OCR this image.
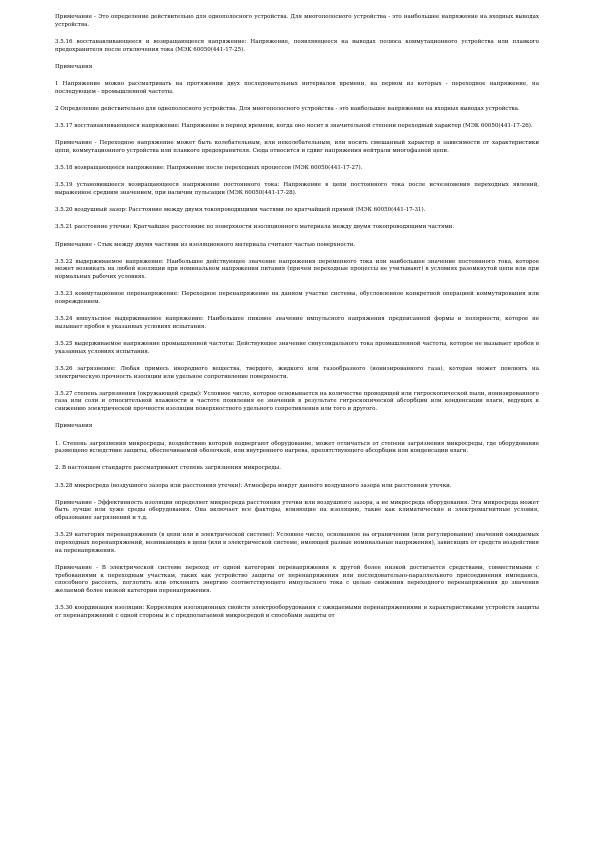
Примечание - Это определение действительно для однополосного устройства. Для многополосного устройства - это наибольшее напряжение на входных выводах устройства.

3.5.16 восстанавливающееся и возвращающееся напряжение: Напряжение, появляющееся на выводах полюса коммутационного устройства или плавкого предохранителя после отключения тока (МЭК 60050(441-17-25).

Примечания

1 Напряжение можно рассматривать на протяжении двух последовательных интервалов времени, на первом из которых - переходное напряжение, на последующем - промышленной частоты.

2 Определение действительно для однополосного устройства. Для многополосного устройства - это наибольшее напряжение на входных выводах устройства.

3.5.17 восстанавливающееся напряжение: Напряжение в период времени, когда оно носит в значительной степени переходный характер (МЭК 60050(441-17-26).

Примечание - Переходное напряжение может быть колебательным, или неколебательным, или носить смешанный характер в зависимости от характеристики цепи, коммутационного устройства или плавкого предохранителя. Сюда относится и сдвиг напряжения нейтрали многофазной цепи.

3.5.18 возвращающееся напряжение: Напряжение после переходных процессов (МЭК 60050(441-17-27).

3.5.19 установившееся возвращающееся напряжение постоянного тока: Напряжение в цепи постоянного тока после исчезновения переходных явлений, выраженное средним значением, при наличии пульсации (МЭК 60050(441-17-28).

3.5.20 воздушный зазор: Расстояние между двумя токопроводящими частями по кратчайшей прямой (МЭК 60050(441-17-31).

3.5.21 расстояние утечки: Кратчайшее расстояние по поверхности изоляционного материала между двумя токопроводящими частями.

Примечание - Стык между двумя частями из изоляционного материала считают частью поверхности.

3.5.22 выдерживаемое напряжение: Наибольшее действующее значение напряжения переменного тока или наибольшее значение постоянного тока, которое может возникать на любой изоляции при номинальном напряжении питания (причем переходные процессы не учитывают) в условиях разомкнутой цепи или при нормальных рабочих условиях.

3.5.23 коммутационное перенапряжение: Переходное перенапряжение на данном участке системы, обусловленное конкретной операцией коммутирования или повреждением.

3.5.24 импульсное выдерживаемое напряжение: Наибольшее пиковое значение импульсного напряжения предписанной формы и полярности, которое не вызывает пробоя в указанных условиях испытания.

3.5.25 выдерживаемое напряжение промышленной частоты: Действующее значение синусоидального тока промышленной частоты, которое не вызывает пробоя в указанных условиях испытания.

3.5.26 загрязнение: Любая примесь инородного вещества, твердого, жидкого или газообразного (ионизированного газа), которая может повлиять на электрическую прочность изоляции или удельное сопротивление поверхности.

3.5.27 степень загрязнения (окружающей среды): Условное число, которое основывается на количестве проводящей или гигроскопической пыли, ионизированного газа или соли и относительной влажности и частоте появления ее значений в результате гигроскопической абсорбции или конденсации влаги, ведущих к снижению электрической прочности изоляции поверхностного удельного сопротивления или того и другого.

Примечания

1. Степень загрязнения микросреды, воздействию которой подвергают оборудование, может отличаться от степени загрязнения микросреды, где оборудование размещено вследствие защиты, обеспечиваемой оболочкой, или внутреннего нагрева, препятствующего абсорбции или конденсации влаги.

2. В настоящем стандарте рассматривают степень загрязнения микросреды.

3.5.28 микросреда (воздушного зазора или расстояния утечки): Атмосфера вокруг данного воздушного зазора или расстояния утечки.

Примечание - Эффективность изоляции определяет микросреда расстояния утечки или воздушного зазора, а не микросреда оборудования. Эта микросреда может быть лучше или хуже среды оборудования. Она включает все факторы, влияющие на изоляцию, такие как климатические и электромагнитные условия, образование загрязнений и т.д.

3.5.29 категория перенапряжения (в цепи или в электрической системе): Условное число, основанное на ограничении (или регулировании) значений ожидаемых переходных перенапряжений, возникающих в цепи (или в электрической системе, имеющей разные номинальные напряжения), зависящих от средств воздействия на перенапряжения.

Примечание - В электрической системе переход от одной категории перенапряжения к другой более низкой достигается средствами, совместимыми с требованиями к переходным участкам, таких как устройство защиты от перенапряжения или последовательно-параллельного присоединения импеданса, способного рассеять, поглотить или отклонить энергию соответствующего импульсного тока с целью снижения переходного перенапряжения до значения желаемой более низкой категории перенапряжения.

3.5.30 координация изоляции: Корреляция изоляционных свойств электрооборудования с ожидаемыми перенапряжениями и характеристиками устройств защиты от перенапряжений с одной стороны и с предполагаемой микросредой и способами защиты от
